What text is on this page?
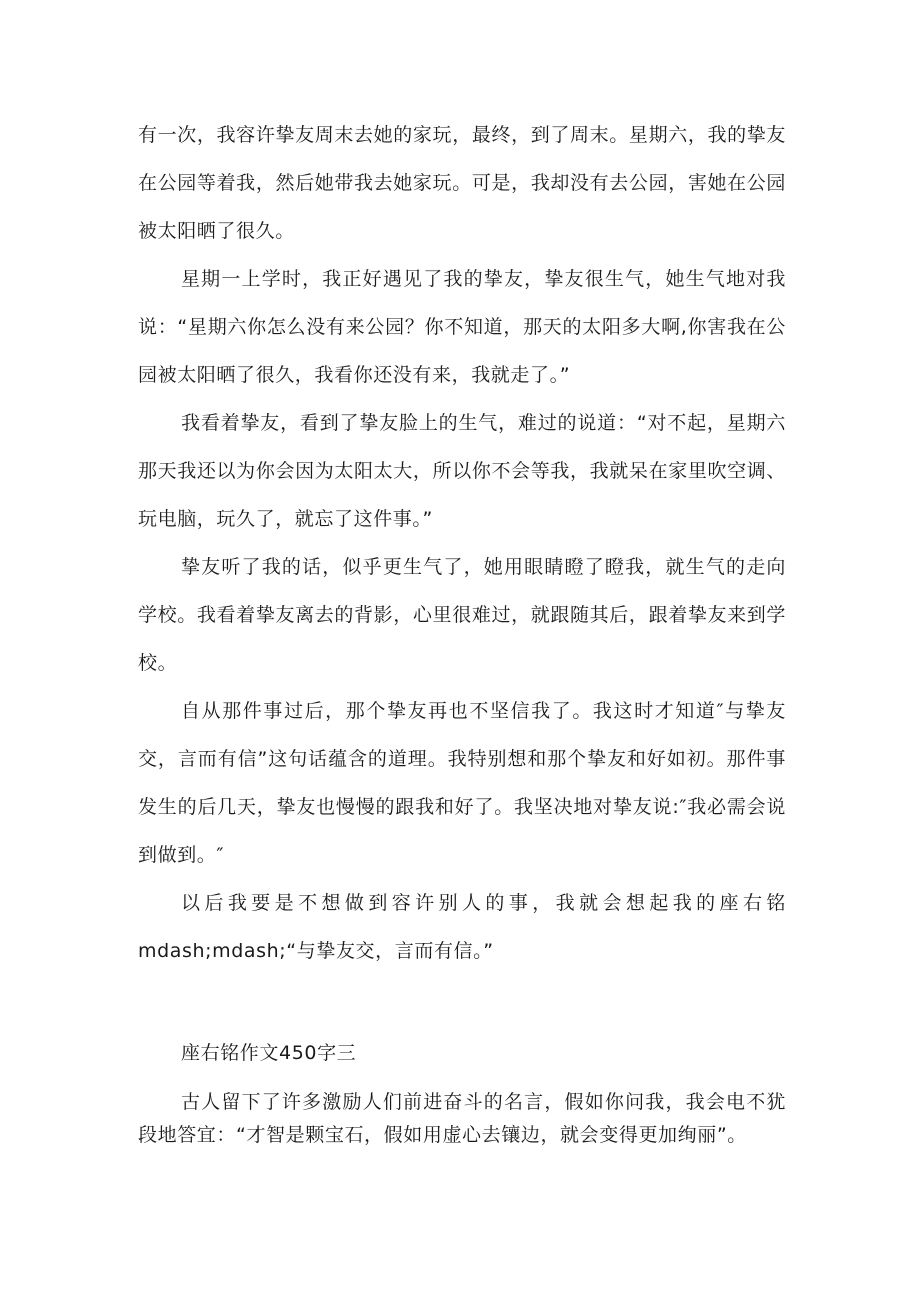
有一次，我容许挚友周末去她的家玩，最终，到了周末。星期六，我的挚友在公园等着我，然后她带我去她家玩。可是，我却没有去公园，害她在公园被太阳晒了很久。

星期一上学时，我正好遇见了我的挚友，挚友很生气，她生气地对我说：“星期六你怎么没有来公园？你不知道，那天的太阳多大啊,你害我在公园被太阳晒了很久，我看你还没有来，我就走了。”

我看着挚友，看到了挚友脸上的生气，难过的说道：“对不起，星期六那天我还以为你会因为太阳太大，所以你不会等我，我就呆在家里吹空调、玩电脑，玩久了，就忘了这件事。”

挚友听了我的话，似乎更生气了，她用眼睛瞪了瞪我，就生气的走向学校。我看着挚友离去的背影，心里很难过，就跟随其后，跟着挚友来到学校。

自从那件事过后，那个挚友再也不坚信我了。我这时才知道″与挚友交，言而有信”这句话蕴含的道理。我特别想和那个挚友和好如初。那件事发生的后几天，挚友也慢慢的跟我和好了。我坚决地对挚友说:″我必需会说到做到。″

以后我要是不想做到容许别人的事，我就会想起我的座右铭mdash;mdash;“与挚友交，言而有信。”

座右铭作文450字三

古人留下了许多激励人们前进奋斗的名言，假如你问我，我会电不犹段地答宜：“才智是颗宝石，假如用虚心去镶边，就会变得更加绚丽”。
